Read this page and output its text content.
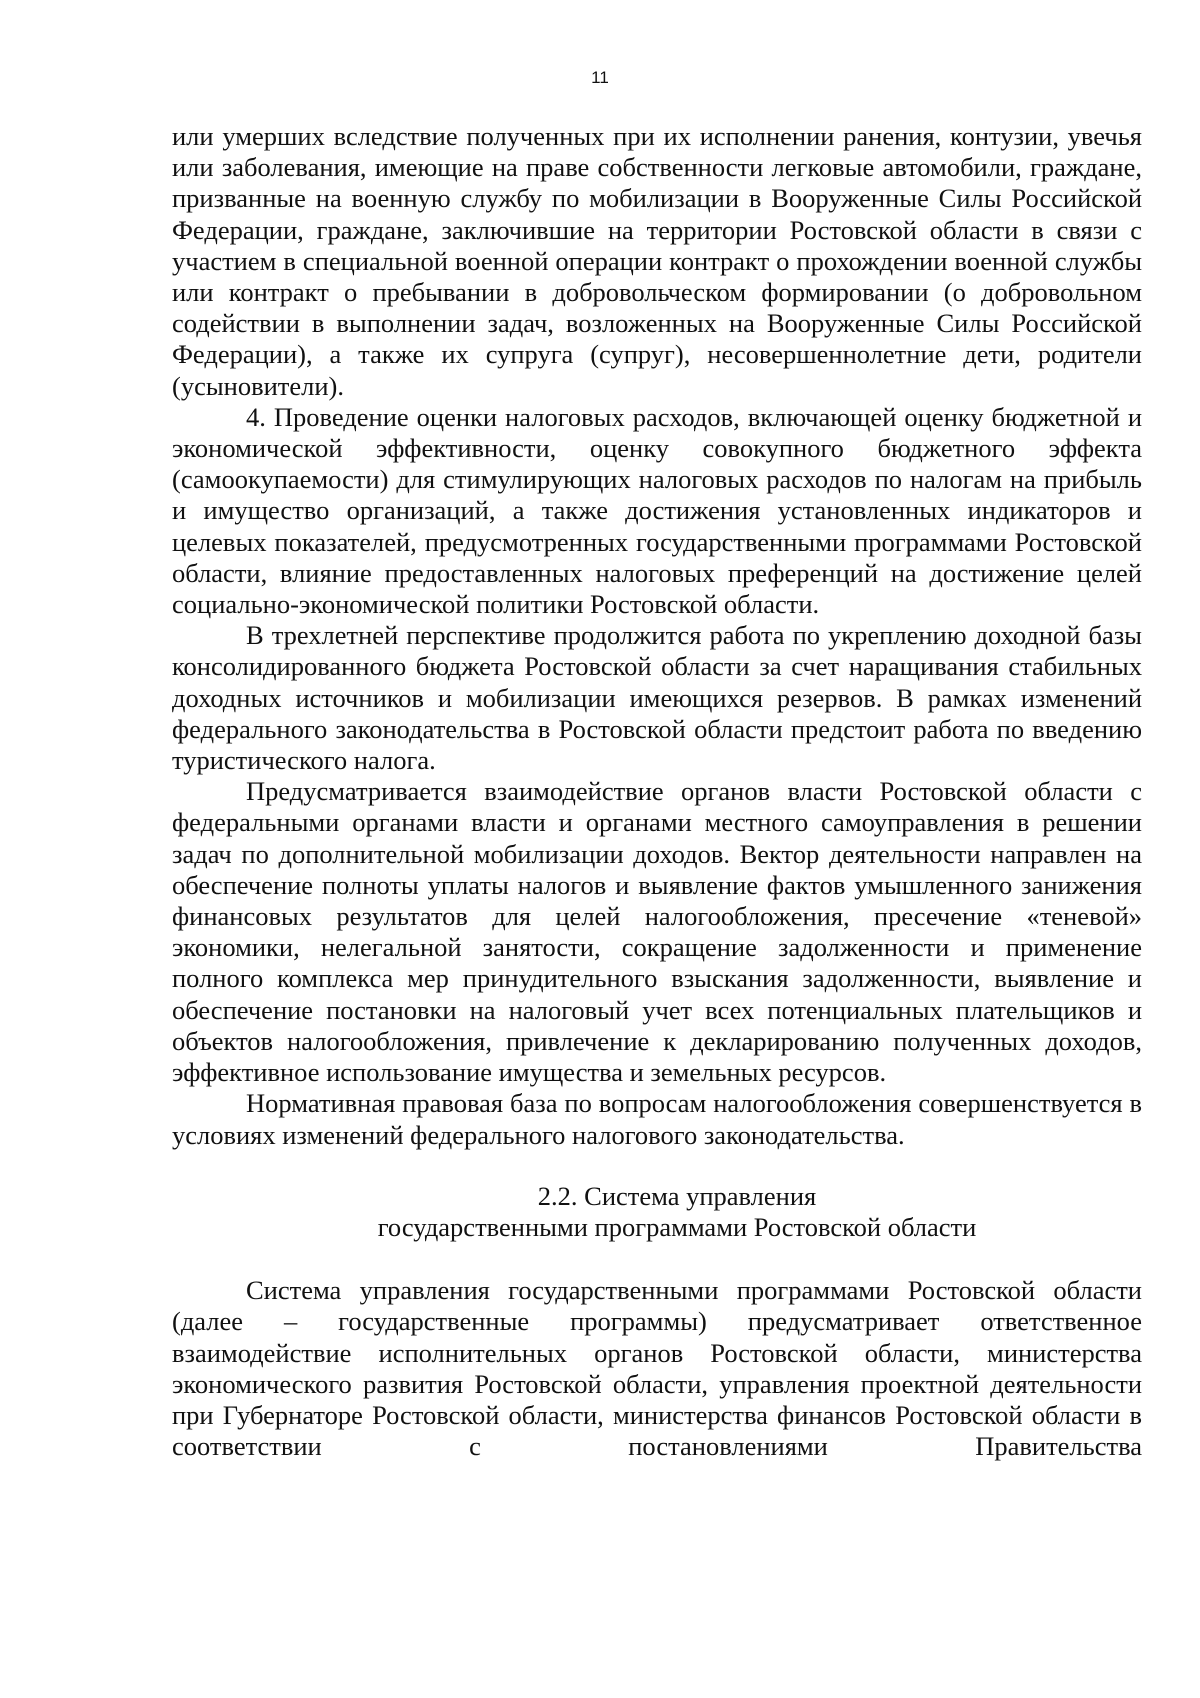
11

или умерших вследствие полученных при их исполнении ранения, контузии, увечья или заболевания, имеющие на праве собственности легковые автомобили, граждане, призванные на военную службу по мобилизации в Вооруженные Силы Российской Федерации, граждане, заключившие на территории Ростовской области в связи с участием в специальной военной операции контракт о прохождении военной службы или контракт о пребывании в добровольческом формировании (о добровольном содействии в выполнении задач, возложенных на Вооруженные Силы Российской Федерации), а также их супруга (супруг), несовершеннолетние дети, родители (усыновители).

4. Проведение оценки налоговых расходов, включающей оценку бюджетной и экономической эффективности, оценку совокупного бюджетного эффекта (самоокупаемости) для стимулирующих налоговых расходов по налогам на прибыль и имущество организаций, а также достижения установленных индикаторов и целевых показателей, предусмотренных государственными программами Ростовской области, влияние предоставленных налоговых преференций на достижение целей социально-экономической политики Ростовской области.

В трехлетней перспективе продолжится работа по укреплению доходной базы консолидированного бюджета Ростовской области за счет наращивания стабильных доходных источников и мобилизации имеющихся резервов. В рамках изменений федерального законодательства в Ростовской области предстоит работа по введению туристического налога.

Предусматривается взаимодействие органов власти Ростовской области с федеральными органами власти и органами местного самоуправления в решении задач по дополнительной мобилизации доходов. Вектор деятельности направлен на обеспечение полноты уплаты налогов и выявление фактов умышленного занижения финансовых результатов для целей налогообложения, пресечение «теневой» экономики, нелегальной занятости, сокращение задолженности и применение полного комплекса мер принудительного взыскания задолженности, выявление и обеспечение постановки на налоговый учет всех потенциальных плательщиков и объектов налогообложения, привлечение к декларированию полученных доходов, эффективное использование имущества и земельных ресурсов.

Нормативная правовая база по вопросам налогообложения совершенствуется в условиях изменений федерального налогового законодательства.

2.2. Система управления
государственными программами Ростовской области

Система управления государственными программами Ростовской области (далее – государственные программы) предусматривает ответственное взаимодействие исполнительных органов Ростовской области, министерства экономического развития Ростовской области, управления проектной деятельности при Губернаторе Ростовской области, министерства финансов Ростовской области в соответствии с постановлениями Правительства
